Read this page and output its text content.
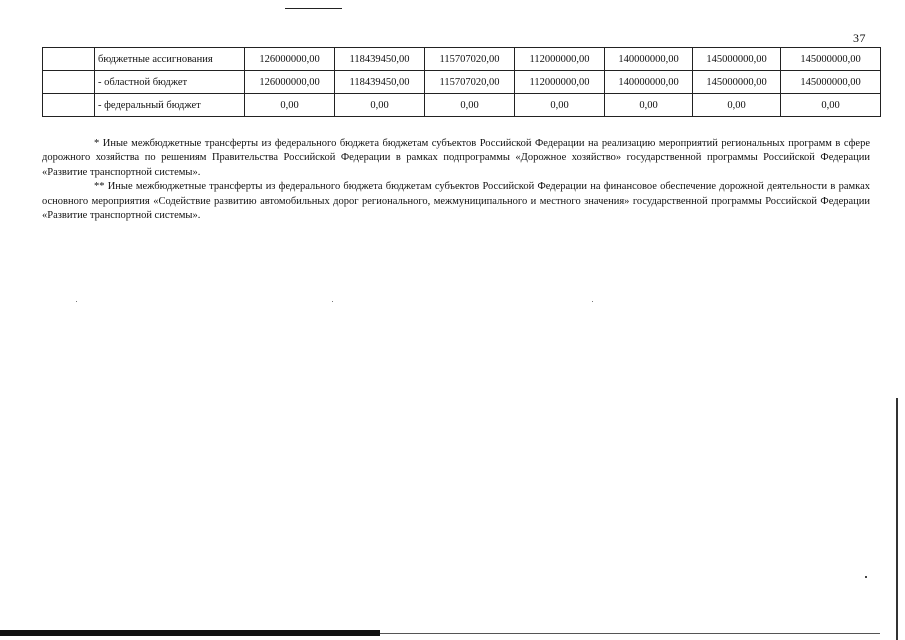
37
	бюджетные ассигнования	126000000,00	118439450,00	115707020,00	112000000,00	140000000,00	145000000,00	145000000,00
	- областной бюджет	126000000,00	118439450,00	115707020,00	112000000,00	140000000,00	145000000,00	145000000,00
	- федеральный бюджет	0,00	0,00	0,00	0,00	0,00	0,00	0,00

* Иные межбюджетные трансферты из федерального бюджета бюджетам субъектов Российской Федерации на реализацию мероприятий региональных программ в сфере дорожного хозяйства по решениям Правительства Российской Федерации в рамках подпрограммы «Дорожное хозяйство» государственной программы Российской Федерации «Развитие транспортной системы».

** Иные межбюджетные трансферты из федерального бюджета бюджетам субъектов Российской Федерации на финансовое обеспечение дорожной деятельности в рамках основного мероприятия «Содействие развитию автомобильных дорог регионального, межмуниципального и местного значения» государственной программы Российской Федерации «Развитие транспортной системы».
